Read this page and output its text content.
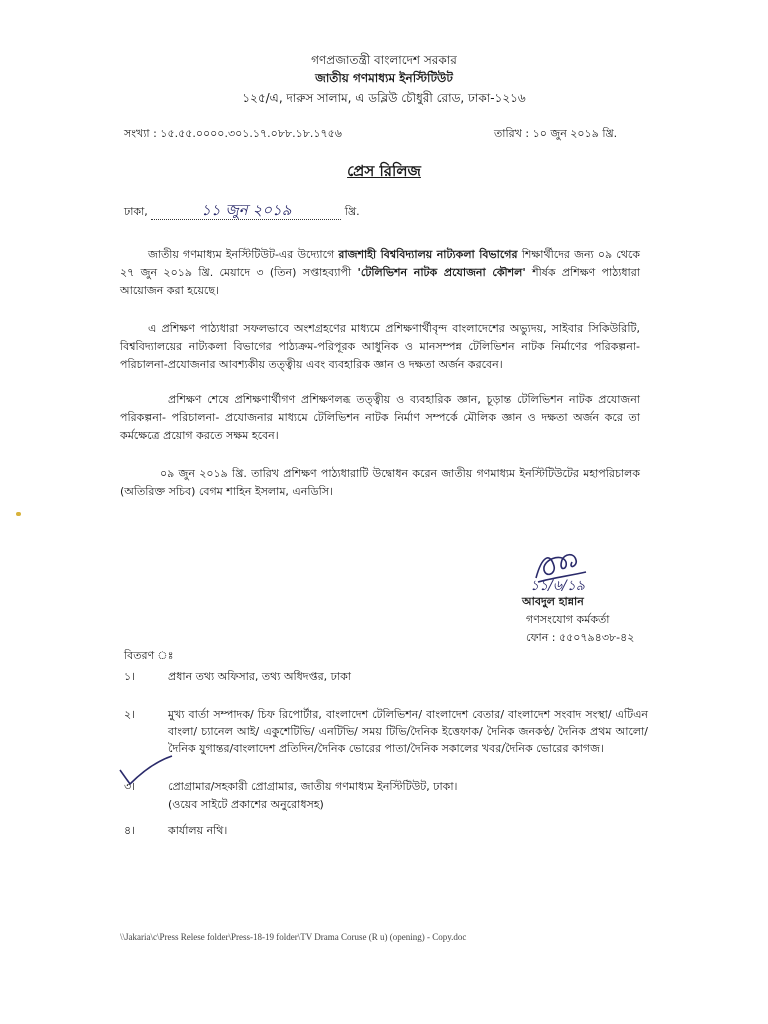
গণপ্রজাতন্ত্রী বাংলাদেশ সরকার
জাতীয় গণমাধ্যম ইনস্টিটিউট
১২৫/এ, দারুস সালাম, এ ডব্লিউ চৌধুরী রোড, ঢাকা-১২১৬
সংখ্যা : ১৫.৫৫.০০০০.৩০১.১৭.০৮৮.১৮.১৭৫৬	তারিখ : ১০ জুন ২০১৯ খ্রি.
প্রেস রিলিজ
ঢাকা,	১১ জুন ২০১৯	খ্রি.
জাতীয় গণমাধ্যম ইনস্টিটিউট-এর উদ্যোগে রাজশাহী বিশ্ববিদ্যালয় নাট্যকলা বিভাগের শিক্ষার্থীদের জন্য ০৯ থেকে ২৭ জুন ২০১৯ খ্রি. মেয়াদে ৩ (তিন) সপ্তাহব্যাপী 'টেলিভিশন নাটক প্রযোজনা কৌশল' শীর্ষক প্রশিক্ষণ পাঠ্যধারা আয়োজন করা হয়েছে।
এ প্রশিক্ষণ পাঠ্যধারা সফলভাবে অংশগ্রহণের মাধ্যমে প্রশিক্ষণার্থীবৃন্দ বাংলাদেশের অভ্যুদয়, সাইবার সিকিউরিটি, বিশ্ববিদ্যালয়ের নাট্যকলা বিভাগের পাঠ্যক্রম-পরিপূরক আধুনিক ও মানসম্পন্ন টেলিভিশন নাটক নির্মাণের পরিকল্পনা-পরিচালনা-প্রযোজনার আবশ্যকীয় তত্ত্বীয় এবং ব্যবহারিক জ্ঞান ও দক্ষতা অর্জন করবেন।
প্রশিক্ষণ শেষে প্রশিক্ষণার্থীগণ প্রশিক্ষণলব্ধ তত্ত্বীয় ও ব্যবহারিক জ্ঞান, চূড়ান্ত টেলিভিশন নাটক প্রযোজনা পরিকল্পনা- পরিচালনা- প্রযোজনার মাধ্যমে টেলিভিশন নাটক নির্মাণ সম্পর্কে মৌলিক জ্ঞান ও দক্ষতা অর্জন করে তা কর্মক্ষেত্রে প্রয়োগ করতে সক্ষম হবেন।
০৯ জুন ২০১৯ খ্রি. তারিখ প্রশিক্ষণ পাঠ্যধারাটি উদ্বোধন করেন জাতীয় গণমাধ্যম ইনস্টিটিউটের মহাপরিচালক (অতিরিক্ত সচিব) বেগম শাহিন ইসলাম, এনডিসি।
১১/৬/১৯
আবদুল হান্নান
গণসংযোগ কর্মকর্তা
ফোন : ৫৫০৭৯৪৩৮-৪২
বিতরণ ঃ
১।	প্রধান তথ্য অফিসার, তথ্য অধিদপ্তর, ঢাকা
২।	মুখ্য বার্তা সম্পাদক/ চিফ রিপোর্টার, বাংলাদেশ টেলিভিশন/ বাংলাদেশ বেতার/ বাংলাদেশ সংবাদ সংস্থা/ এটিএন বাংলা/ চ্যানেল আই/ একুশেটিভি/ এনটিভি/ সময় টিভি/দৈনিক ইত্তেফাক/ দৈনিক জনকণ্ঠ/ দৈনিক প্রথম আলো/ দৈনিক যুগান্তর/বাংলাদেশ প্রতিদিন/দৈনিক ভোরের পাতা/দৈনিক সকালের খবর/দৈনিক ভোরের কাগজ।
৩।	প্রোগ্রামার/সহকারী প্রোগ্রামার, জাতীয় গণমাধ্যম ইনস্টিটিউট, ঢাকা।
(ওয়েব সাইটে প্রকাশের অনুরোধসহ)
৪।	কার্যালয় নথি।
\\Jakaria\c\Press Relese folder\Press-18-19 folder\TV Drama Coruse (R u) (opening) - Copy.doc
